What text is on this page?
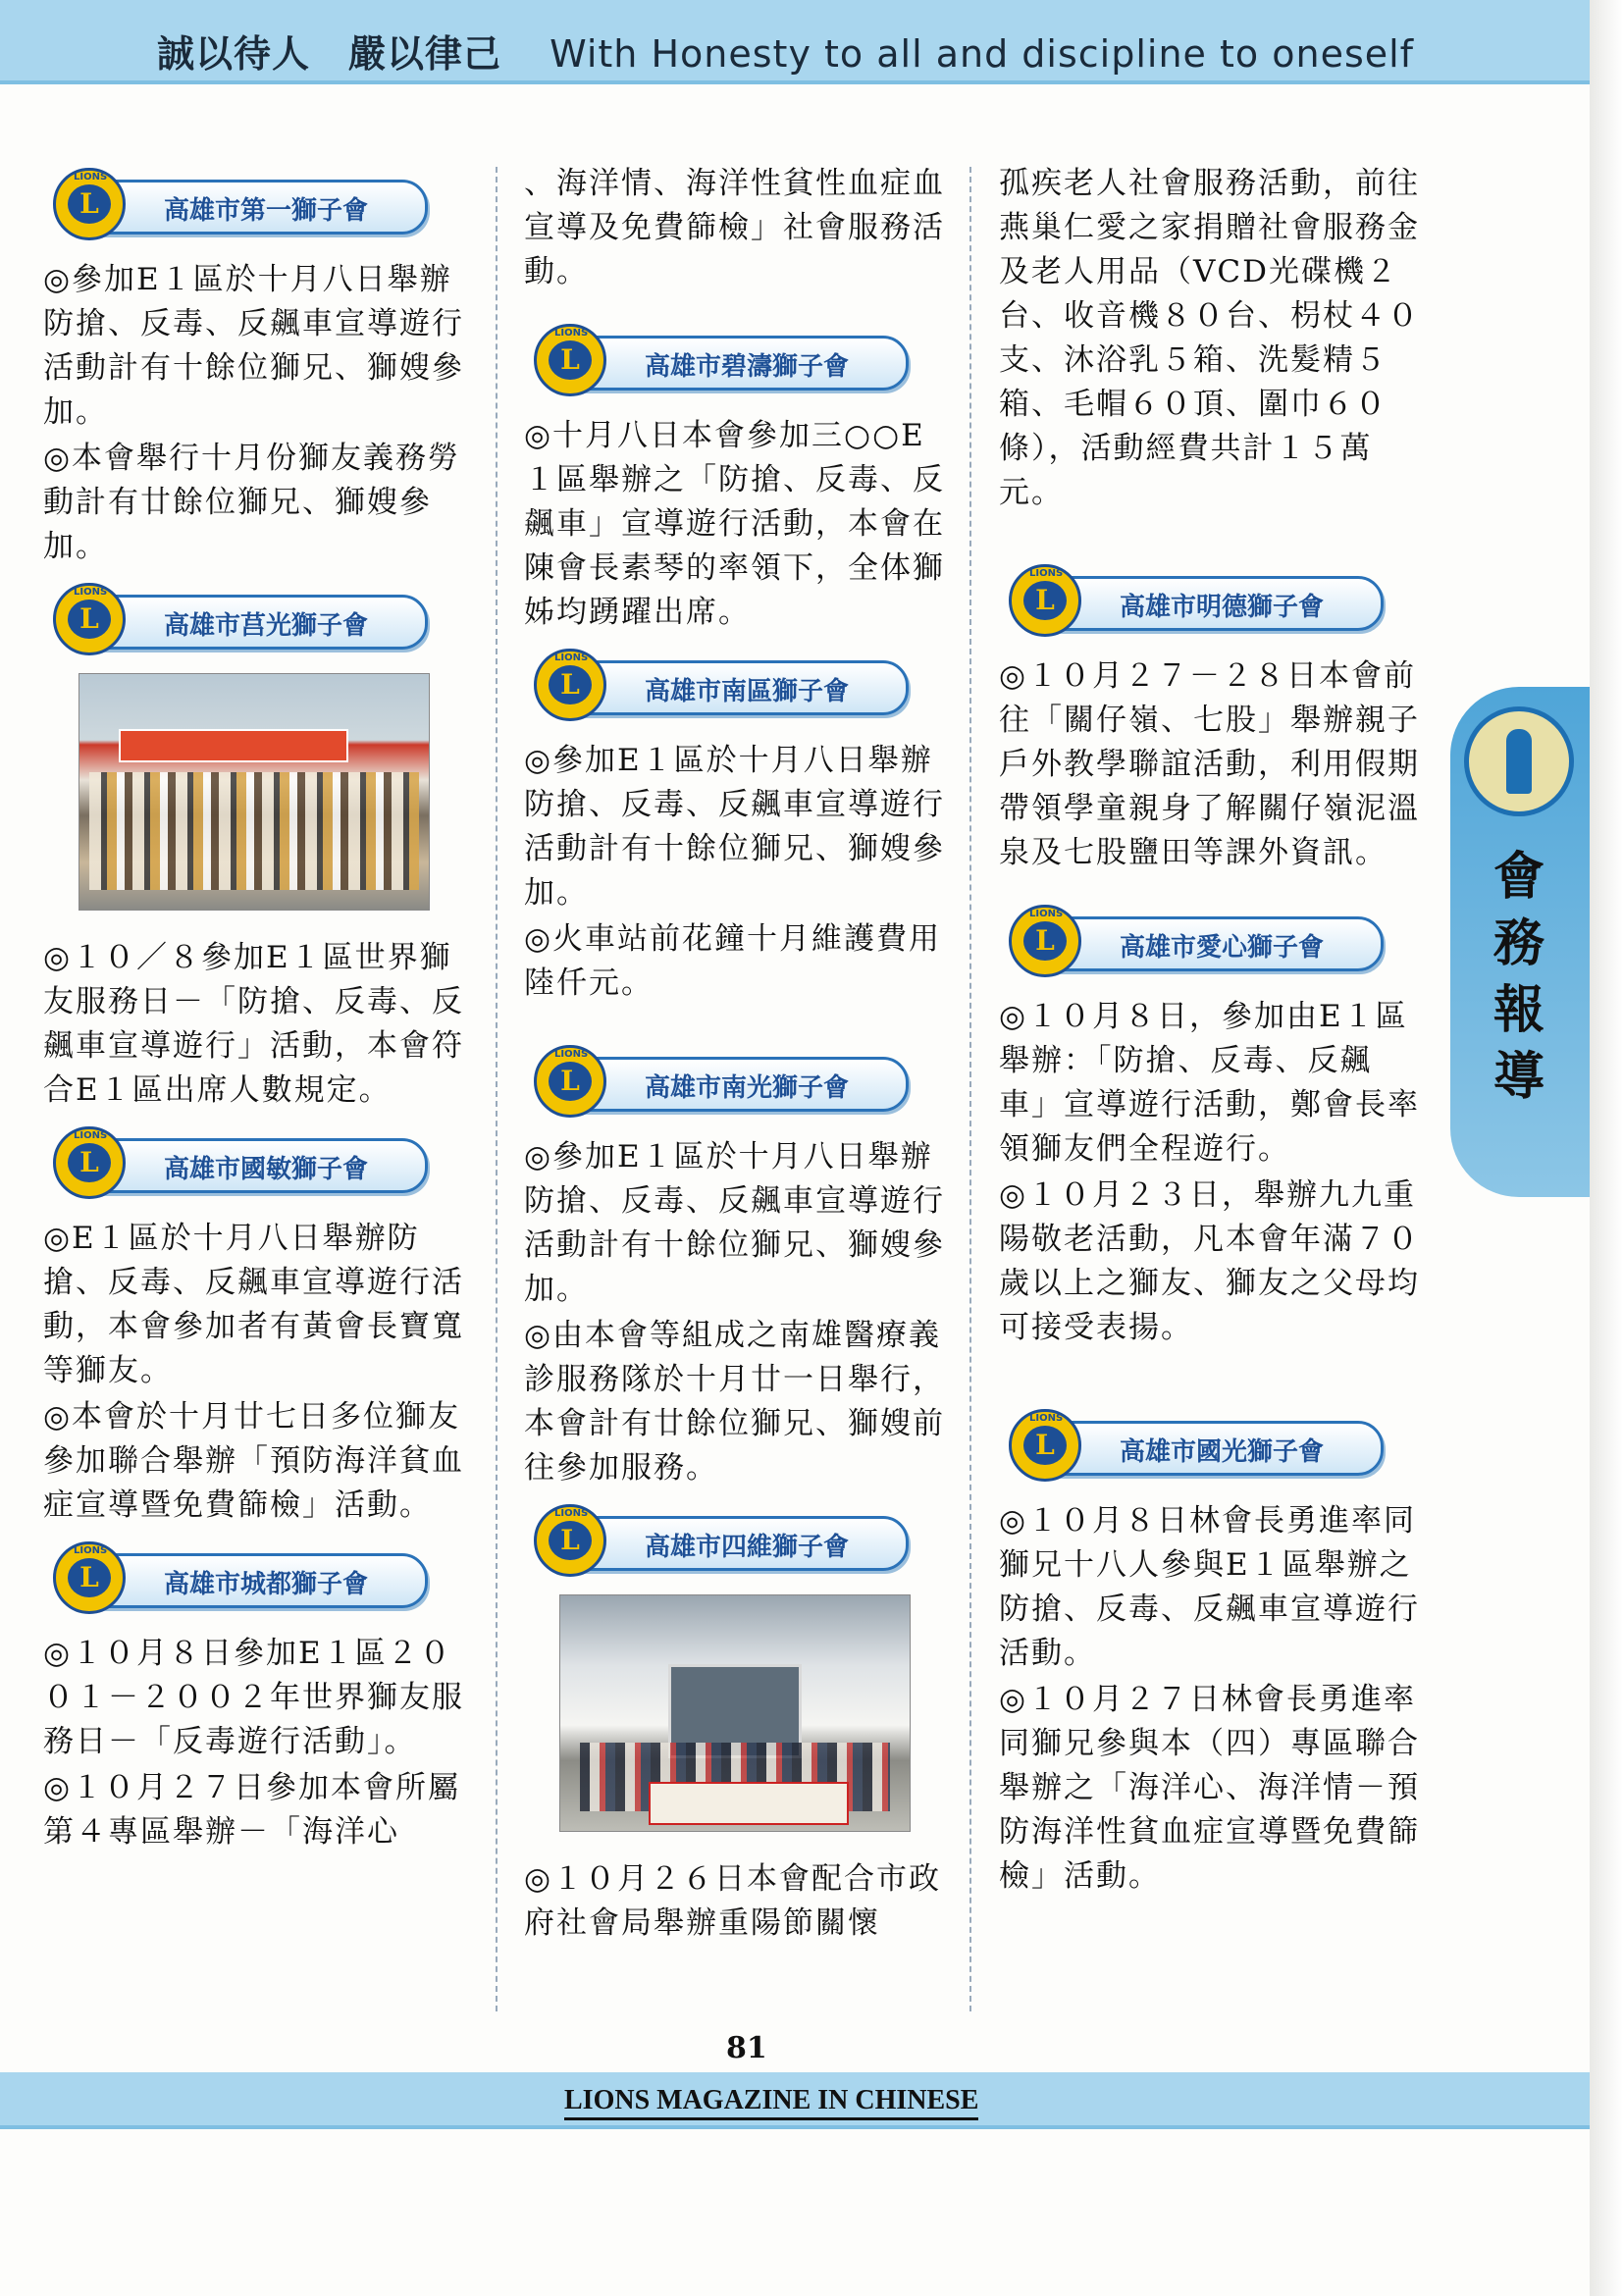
誠以待人　嚴以律己 With Honesty to all and discipline to oneself
高雄市第一獅子會
LIONS
L

◎參加E１區於十月八日舉辦防搶、反毒、反飆車宣導遊行活動計有十餘位獅兄、獅嫂參加。

◎本會舉行十月份獅友義務勞動計有廿餘位獅兄、獅嫂參加。

高雄市莒光獅子會
LIONS
L

◎１０／８參加E１區世界獅友服務日－「防搶、反毒、反飆車宣導遊行」活動，本會符合E１區出席人數規定。

高雄市國敏獅子會
LIONS
L

◎E１區於十月八日舉辦防搶、反毒、反飆車宣導遊行活動，本會參加者有黃會長寶寬等獅友。

◎本會於十月廿七日多位獅友參加聯合舉辦「預防海洋貧血症宣導暨免費篩檢」活動。

高雄市城都獅子會
LIONS
L

◎１０月８日參加E１區２００１－２００２年世界獅友服務日－「反毒遊行活動」。

◎１０月２７日參加本會所屬第４專區舉辦－「海洋心

、海洋情、海洋性貧性血症血宣導及免費篩檢」社會服務活動。

高雄市碧濤獅子會
LIONS
L

◎十月八日本會參加三○○E１區舉辦之「防搶、反毒、反飆車」宣導遊行活動，本會在陳會長素琴的率領下，全体獅姊均踴躍出席。

高雄市南區獅子會
LIONS
L

◎參加E１區於十月八日舉辦防搶、反毒、反飆車宣導遊行活動計有十餘位獅兄、獅嫂參加。

◎火車站前花鐘十月維護費用陸仟元。

高雄市南光獅子會
LIONS
L

◎參加E１區於十月八日舉辦防搶、反毒、反飆車宣導遊行活動計有十餘位獅兄、獅嫂參加。

◎由本會等組成之南雄醫療義診服務隊於十月廿一日舉行，本會計有廿餘位獅兄、獅嫂前往參加服務。

高雄市四維獅子會
LIONS
L

◎１０月２６日本會配合市政府社會局舉辦重陽節關懷

孤疾老人社會服務活動，前往燕巢仁愛之家捐贈社會服務金及老人用品（VCD光碟機２台、收音機８０台、枴杖４０支、沐浴乳５箱、洗髮精５箱、毛帽６０頂、圍巾６０條），活動經費共計１５萬元。

高雄市明德獅子會
LIONS
L

◎１０月２７－２８日本會前往「關仔嶺、七股」舉辦親子戶外教學聯誼活動，利用假期帶領學童親身了解關仔嶺泥溫泉及七股鹽田等課外資訊。

高雄市愛心獅子會
LIONS
L

◎１０月８日，參加由E１區舉辦：「防搶、反毒、反飆車」宣導遊行活動，鄭會長率領獅友們全程遊行。

◎１０月２３日，舉辦九九重陽敬老活動，凡本會年滿７０歲以上之獅友、獅友之父母均可接受表揚。

高雄市國光獅子會
LIONS
L

◎１０月８日林會長勇進率同獅兄十八人參與E１區舉辦之防搶、反毒、反飆車宣導遊行活動。

◎１０月２７日林會長勇進率同獅兄參與本（四）專區聯合舉辦之「海洋心、海洋情－預防海洋性貧血症宣導暨免費篩檢」活動。

會務報導
81
LIONS MAGAZINE IN CHINESE
